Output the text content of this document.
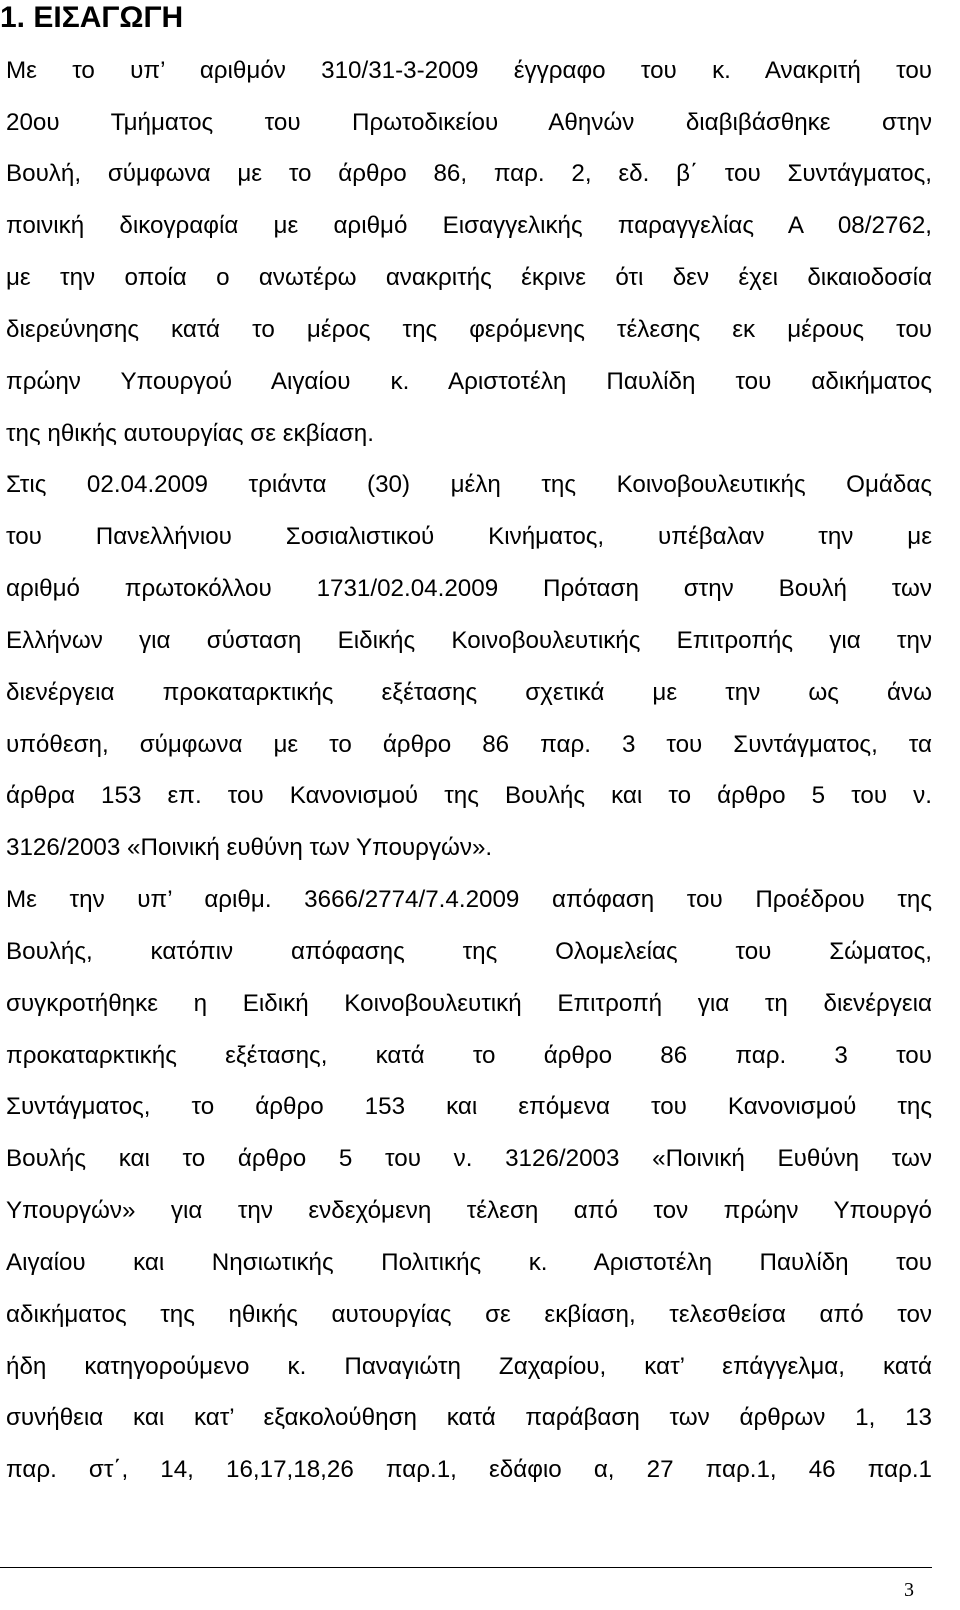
1. ΕΙΣΑΓΩΓΗ
Με το υπ’ αριθμόν 310/31-3-2009 έγγραφο του κ. Ανακριτή του
20ου Τμήματος του Πρωτοδικείου Αθηνών διαβιβάσθηκε στην
Βουλή, σύμφωνα με το άρθρο 86, παρ. 2, εδ. β΄ του Συντάγματος,
ποινική δικογραφία με αριθμό Εισαγγελικής παραγγελίας Α 08/2762,
με την οποία ο ανωτέρω ανακριτής έκρινε ότι δεν έχει δικαιοδοσία
διερεύνησης κατά το μέρος της φερόμενης τέλεσης εκ μέρους του
πρώην Υπουργού Αιγαίου κ. Αριστοτέλη Παυλίδη του αδικήματος
της ηθικής αυτουργίας σε εκβίαση.
Στις 02.04.2009 τριάντα (30) μέλη της Κοινοβουλευτικής Ομάδας
του Πανελλήνιου Σοσιαλιστικού Κινήματος, υπέβαλαν την με
αριθμό πρωτοκόλλου 1731/02.04.2009 Πρόταση στην Βουλή των
Ελλήνων για σύσταση Ειδικής Κοινοβουλευτικής Επιτροπής για την
διενέργεια προκαταρκτικής εξέτασης σχετικά με την ως άνω
υπόθεση, σύμφωνα με το άρθρο 86 παρ. 3 του Συντάγματος, τα
άρθρα 153 επ. του Κανονισμού της Βουλής και το άρθρο 5 του ν.
3126/2003 «Ποινική ευθύνη των Υπουργών».
Με την υπ’ αριθμ. 3666/2774/7.4.2009 απόφαση του Προέδρου της
Βουλής, κατόπιν απόφασης της Ολομελείας του Σώματος,
συγκροτήθηκε η Ειδική Κοινοβουλευτική Επιτροπή για τη διενέργεια
προκαταρκτικής εξέτασης, κατά το άρθρο 86 παρ. 3 του
Συντάγματος, το άρθρο 153 και επόμενα του Κανονισμού της
Βουλής και το άρθρο 5 του ν. 3126/2003 «Ποινική Ευθύνη των
Υπουργών» για την ενδεχόμενη τέλεση από τον πρώην Υπουργό
Αιγαίου και Νησιωτικής Πολιτικής κ. Αριστοτέλη Παυλίδη του
αδικήματος της ηθικής αυτουργίας σε εκβίαση, τελεσθείσα από τον
ήδη κατηγορούμενο κ. Παναγιώτη Ζαχαρίου, κατ’ επάγγελμα, κατά
συνήθεια και κατ’ εξακολούθηση κατά παράβαση των άρθρων 1, 13
παρ. στ΄, 14, 16,17,18,26 παρ.1, εδάφιο α, 27 παρ.1, 46 παρ.1
3
